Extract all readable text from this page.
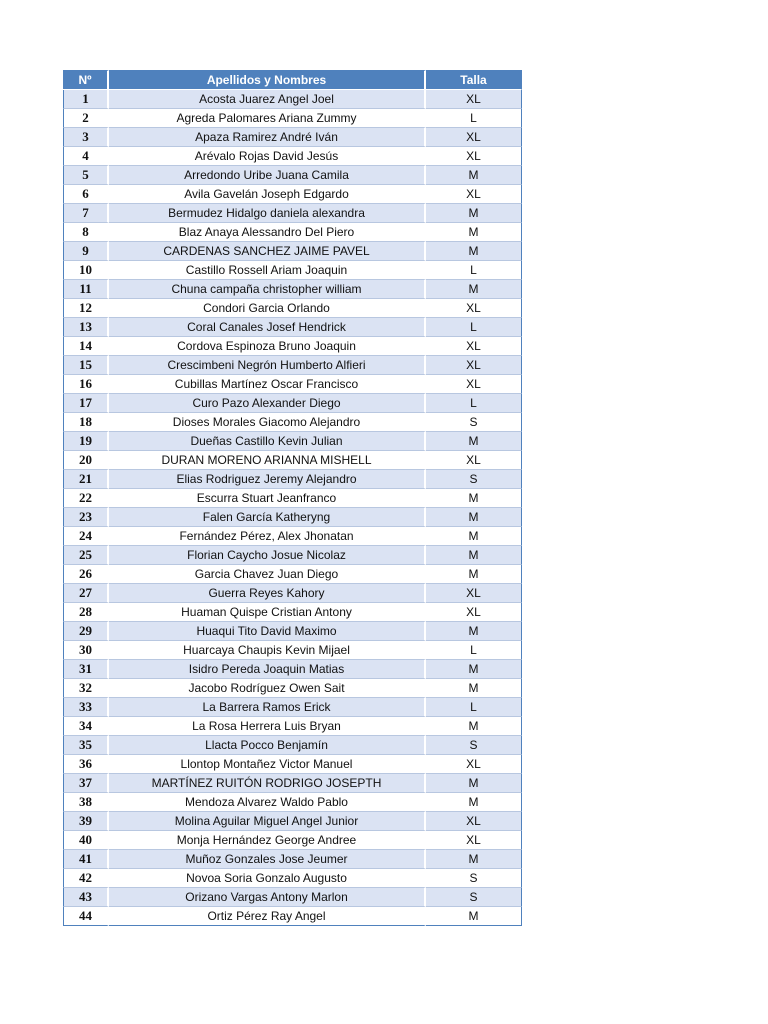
Nº	Apellidos y Nombres	Talla
1	Acosta Juarez Angel Joel	XL
2	Agreda Palomares Ariana Zummy	L
3	Apaza Ramirez André Iván	XL
4	Arévalo Rojas David Jesús	XL
5	Arredondo Uribe Juana Camila	M
6	Avila Gavelán Joseph Edgardo	XL
7	Bermudez Hidalgo daniela alexandra	M
8	Blaz Anaya Alessandro Del Piero	M
9	CARDENAS SANCHEZ JAIME PAVEL	M
10	Castillo Rossell Ariam Joaquin	L
11	Chuna campaña christopher william	M
12	Condori Garcia Orlando	XL
13	Coral Canales Josef Hendrick	L
14	Cordova Espinoza Bruno Joaquin	XL
15	Crescimbeni Negrón Humberto Alfieri	XL
16	Cubillas Martínez Oscar Francisco	XL
17	Curo Pazo Alexander Diego	L
18	Dioses Morales Giacomo Alejandro	S
19	Dueñas Castillo Kevin Julian	M
20	DURAN MORENO ARIANNA MISHELL	XL
21	Elias Rodriguez Jeremy Alejandro	S
22	Escurra Stuart Jeanfranco	M
23	Falen García Katheryng	M
24	Fernández Pérez, Alex Jhonatan	M
25	Florian Caycho Josue Nicolaz	M
26	Garcia Chavez Juan Diego	M
27	Guerra Reyes Kahory	XL
28	Huaman Quispe Cristian Antony	XL
29	Huaqui Tito David Maximo	M
30	Huarcaya Chaupis Kevin Mijael	L
31	Isidro Pereda Joaquin Matias	M
32	Jacobo Rodríguez Owen Sait	M
33	La Barrera Ramos Erick	L
34	La Rosa Herrera Luis Bryan	M
35	Llacta Pocco Benjamín	S
36	Llontop Montañez Victor Manuel	XL
37	MARTÍNEZ RUITÓN RODRIGO JOSEPTH	M
38	Mendoza Alvarez Waldo Pablo	M
39	Molina Aguilar Miguel Angel Junior	XL
40	Monja Hernández George Andree	XL
41	Muñoz Gonzales Jose Jeumer	M
42	Novoa Soria Gonzalo Augusto	S
43	Orizano Vargas Antony Marlon	S
44	Ortiz Pérez Ray Angel	M
